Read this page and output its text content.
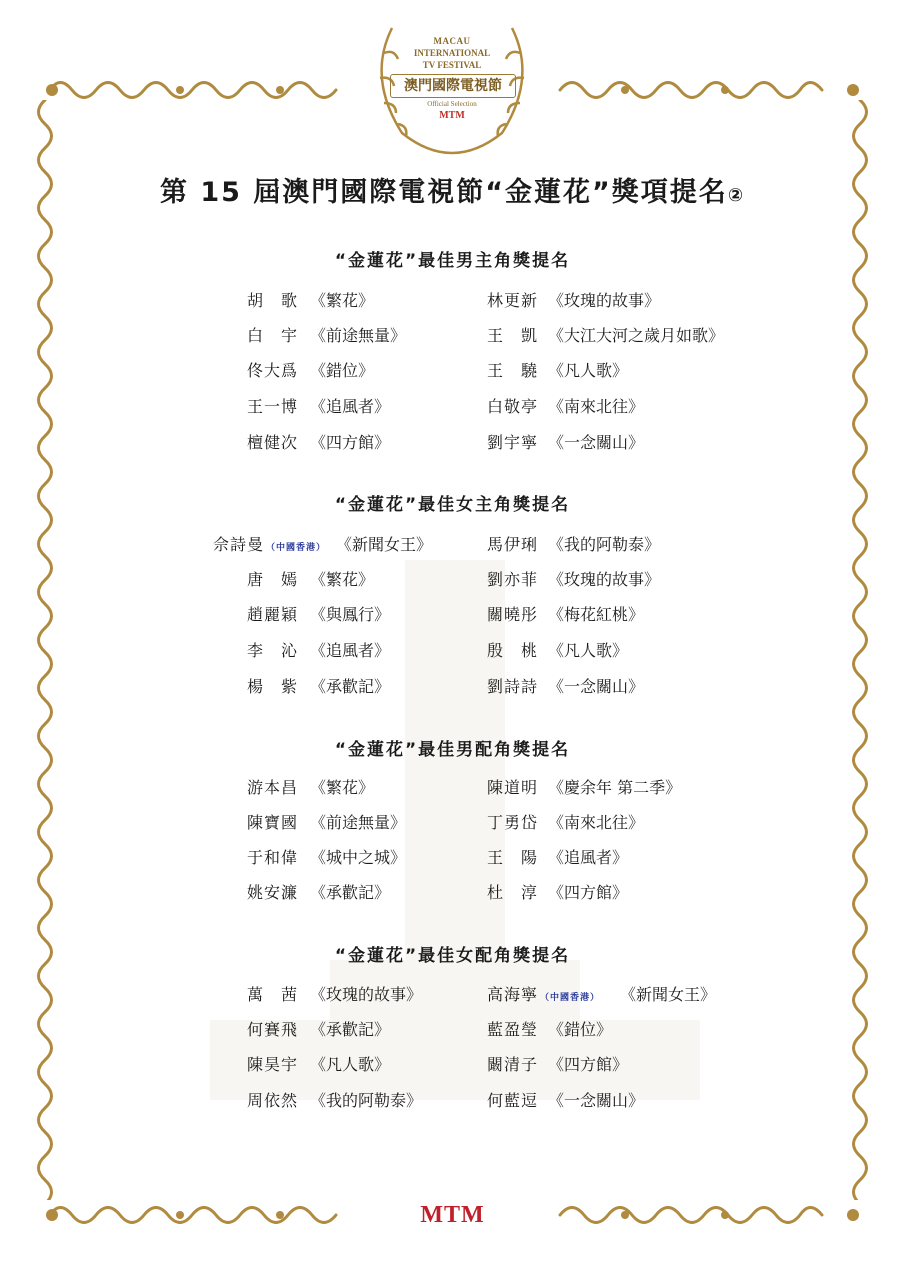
MACAU
INTERNATIONAL
TV FESTIVAL
澳門國際電視節
Official Selection
MTM
第 15 屆澳門國際電視節“金蓮花”獎項提名②
“金蓮花”最佳男主角獎提名
胡　歌 《繁花》	林更新 《玫瑰的故事》
白　宇 《前途無量》	王　凱 《大江大河之歲月如歌》
佟大爲 《錯位》	王　驍 《凡人歌》
王一博 《追風者》	白敬亭 《南來北往》
檀健次 《四方館》	劉宇寧 《一念關山》
“金蓮花”最佳女主角獎提名
佘詩曼 （中國香港） 《新聞女王》	馬伊琍 《我的阿勒泰》
唐　嫣 《繁花》	劉亦菲 《玫瑰的故事》
趙麗穎 《與鳳行》	關曉彤 《梅花紅桃》
李　沁 《追風者》	殷　桃 《凡人歌》
楊　紫 《承歡記》	劉詩詩 《一念關山》
“金蓮花”最佳男配角獎提名
游本昌 《繁花》	陳道明 《慶余年 第二季》
陳寶國 《前途無量》	丁勇岱 《南來北往》
于和偉 《城中之城》	王　陽 《追風者》
姚安濂 《承歡記》	杜　淳 《四方館》
“金蓮花”最佳女配角獎提名
萬　茜 《玫瑰的故事》	高海寧 （中國香港） 《新聞女王》
何賽飛 《承歡記》	藍盈瑩 《錯位》
陳昊宇 《凡人歌》	闞清子 《四方館》
周依然 《我的阿勒泰》	何藍逗 《一念關山》
MTM
